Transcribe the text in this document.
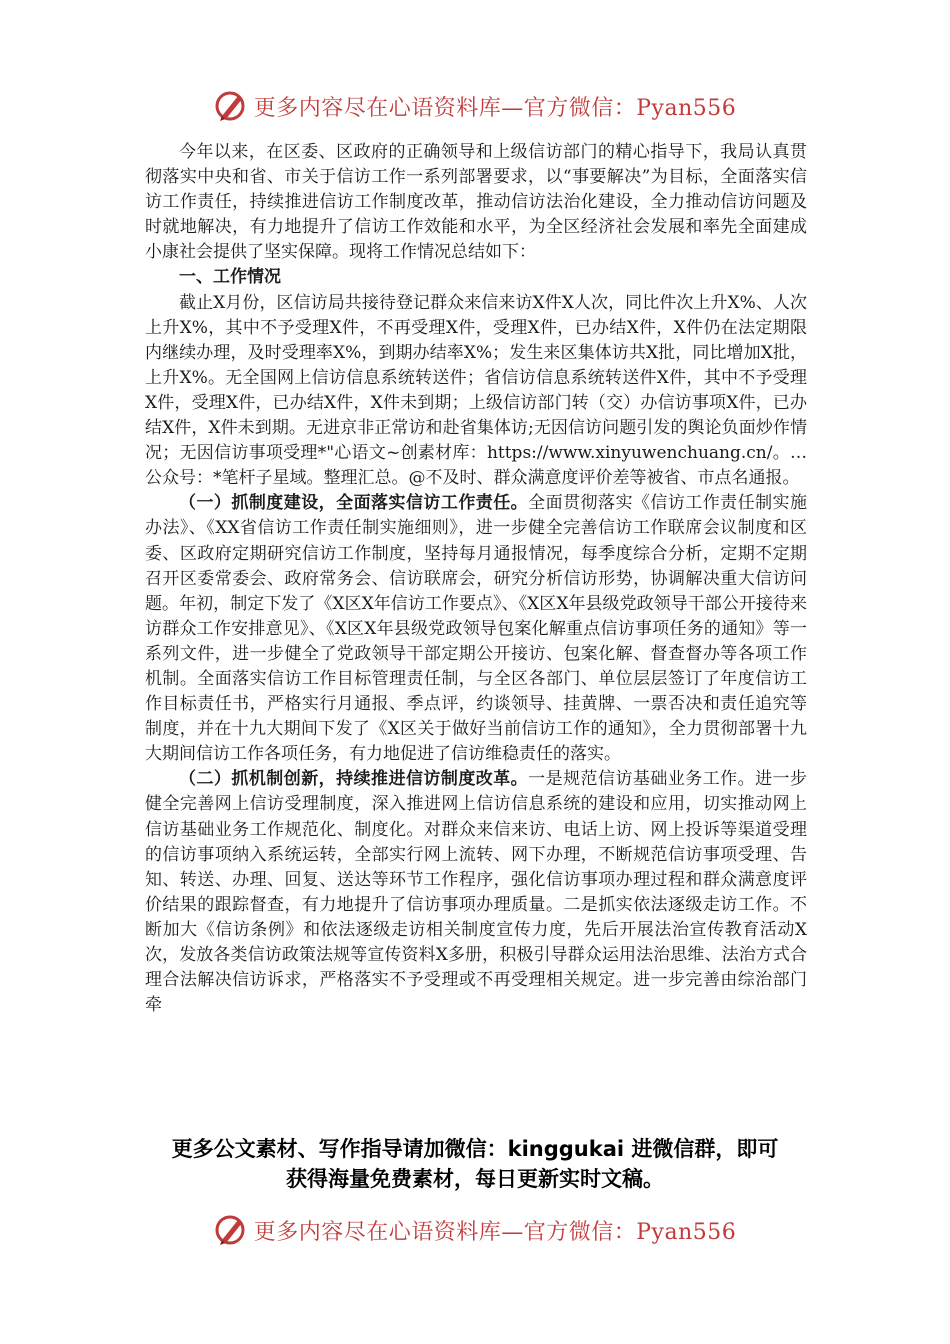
更多内容尽在心语资料库—官方微信：Pyan556

今年以来，在区委、区政府的正确领导和上级信访部门的精心指导下，我局认真贯彻落实中央和省、市关于信访工作一系列部署要求，以“事要解决”为目标，全面落实信访工作责任，持续推进信访工作制度改革，推动信访法治化建设，全力推动信访问题及时就地解决，有力地提升了信访工作效能和水平，为全区经济社会发展和率先全面建成小康社会提供了坚实保障。现将工作情况总结如下：

一、工作情况

截止X月份，区信访局共接待登记群众来信来访X件X人次，同比件次上升X%、人次上升X%，其中不予受理X件，不再受理X件，受理X件，已办结X件，X件仍在法定期限内继续办理，及时受理率X%，到期办结率X%；发生来区集体访共X批，同比增加X批，上升X%。无全国网上信访信息系统转送件；省信访信息系统转送件X件，其中不予受理X件，受理X件，已办结X件，X件未到期；上级信访部门转（交）办信访事项X件，已办结X件，X件未到期。无进京非正常访和赴省集体访;无因信访问题引发的舆论负面炒作情况；无因信访事项受理*"心语文~创素材库：https://www.xinyuwenchuang.cn/。…公众号：*笔杆子星域。整理汇总。@不及时、群众满意度评价差等被省、市点名通报。

（一）抓制度建设，全面落实信访工作责任。全面贯彻落实《信访工作责任制实施办法》、《XX省信访工作责任制实施细则》，进一步健全完善信访工作联席会议制度和区委、区政府定期研究信访工作制度，坚持每月通报情况，每季度综合分析，定期不定期召开区委常委会、政府常务会、信访联席会，研究分析信访形势，协调解决重大信访问题。年初，制定下发了《X区X年信访工作要点》、《X区X年县级党政领导干部公开接待来访群众工作安排意见》、《X区X年县级党政领导包案化解重点信访事项任务的通知》等一系列文件，进一步健全了党政领导干部定期公开接访、包案化解、督查督办等各项工作机制。全面落实信访工作目标管理责任制，与全区各部门、单位层层签订了年度信访工作目标责任书，严格实行月通报、季点评，约谈领导、挂黄牌、一票否决和责任追究等制度，并在十九大期间下发了《X区关于做好当前信访工作的通知》，全力贯彻部署十九大期间信访工作各项任务，有力地促进了信访维稳责任的落实。

（二）抓机制创新，持续推进信访制度改革。一是规范信访基础业务工作。进一步健全完善网上信访受理制度，深入推进网上信访信息系统的建设和应用，切实推动网上信访基础业务工作规范化、制度化。对群众来信来访、电话上访、网上投诉等渠道受理的信访事项纳入系统运转，全部实行网上流转、网下办理，不断规范信访事项受理、告知、转送、办理、回复、送达等环节工作程序，强化信访事项办理过程和群众满意度评价结果的跟踪督查，有力地提升了信访事项办理质量。二是抓实依法逐级走访工作。不断加大《信访条例》和依法逐级走访相关制度宣传力度，先后开展法治宣传教育活动X次，发放各类信访政策法规等宣传资料X多册，积极引导群众运用法治思维、法治方式合理合法解决信访诉求，严格落实不予受理或不再受理相关规定。进一步完善由综治部门牵

更多公文素材、写作指导请加微信：kinggukai 进微信群，即可
获得海量免费素材，每日更新实时文稿。
更多内容尽在心语资料库—官方微信：Pyan556
